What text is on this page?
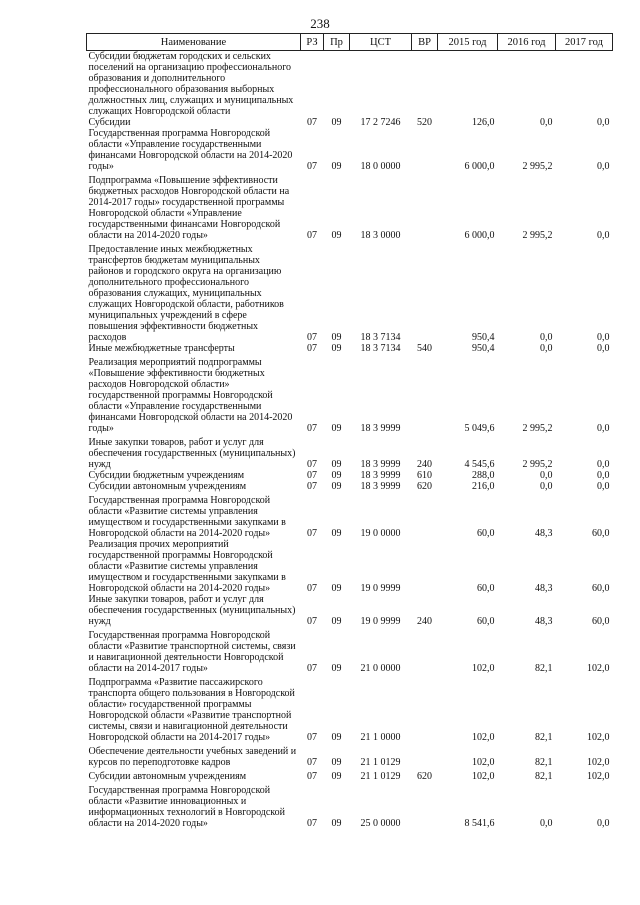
238
Наименование	РЗ	Пр	ЦСТ	ВР	2015 год	2016 год	2017 год
Субсидии бюджетам городских и сельских поселений на организацию профессионального образования и дополнительного профессионального образования выборных должностных лиц, служащих и муниципальных служащих Новгородской области							
Субсидии	07	09	17 2 7246	520	126,0	0,0	0,0
Государственная программа Новгородской области «Управление государственными финансами Новгородской области на 2014-2020 годы»	07	09	18 0 0000		6 000,0	2 995,2	0,0
Подпрограмма «Повышение эффективности бюджетных расходов Новгородской области на 2014-2017 годы» государственной программы Новгородской области «Управление государственными финансами Новгородской области на 2014-2020 годы»	07	09	18 3 0000		6 000,0	2 995,2	0,0
Предоставление иных межбюджетных трансфертов бюджетам муниципальных районов и городского округа на организацию дополнительного профессионального образования служащих, муниципальных служащих Новгородской области, работников муниципальных учреждений в сфере повышения эффективности бюджетных расходов	07	09	18 3 7134		950,4	0,0	0,0
Иные межбюджетные трансферты	07	09	18 3 7134	540	950,4	0,0	0,0
Реализация мероприятий подпрограммы «Повышение эффективности бюджетных расходов Новгородской области» государственной программы Новгородской области «Управление государственными финансами Новгородской области на 2014-2020 годы»	07	09	18 3 9999		5 049,6	2 995,2	0,0
Иные закупки товаров, работ и услуг для обеспечения государственных (муниципальных) нужд	07	09	18 3 9999	240	4 545,6	2 995,2	0,0
Субсидии бюджетным учреждениям	07	09	18 3 9999	610	288,0	0,0	0,0
Субсидии автономным учреждениям	07	09	18 3 9999	620	216,0	0,0	0,0
Государственная программа Новгородской области «Развитие системы управления имуществом и государственными закупками в Новгородской области на 2014-2020 годы»	07	09	19 0 0000		60,0	48,3	60,0
Реализация прочих мероприятий государственной программы Новгородской области «Развитие системы управления имуществом и государственными закупками в Новгородской области на 2014-2020 годы»	07	09	19 0 9999		60,0	48,3	60,0
Иные закупки товаров, работ и услуг для обеспечения государственных (муниципальных) нужд	07	09	19 0 9999	240	60,0	48,3	60,0
Государственная программа Новгородской области «Развитие транспортной системы, связи и навигационной деятельности Новгородской области на 2014-2017 годы»	07	09	21 0 0000		102,0	82,1	102,0
Подпрограмма «Развитие пассажирского транспорта общего пользования в Новгородской области» государственной программы Новгородской области «Развитие транспортной системы, связи и навигационной деятельности Новгородской области на 2014-2017 годы»	07	09	21 1 0000		102,0	82,1	102,0
Обеспечение деятельности учебных заведений и курсов по переподготовке кадров	07	09	21 1 0129		102,0	82,1	102,0
Субсидии автономным учреждениям	07	09	21 1 0129	620	102,0	82,1	102,0
Государственная программа Новгородской области «Развитие инновационных и информационных технологий в Новгородской области на 2014-2020 годы»	07	09	25 0 0000		8 541,6	0,0	0,0
